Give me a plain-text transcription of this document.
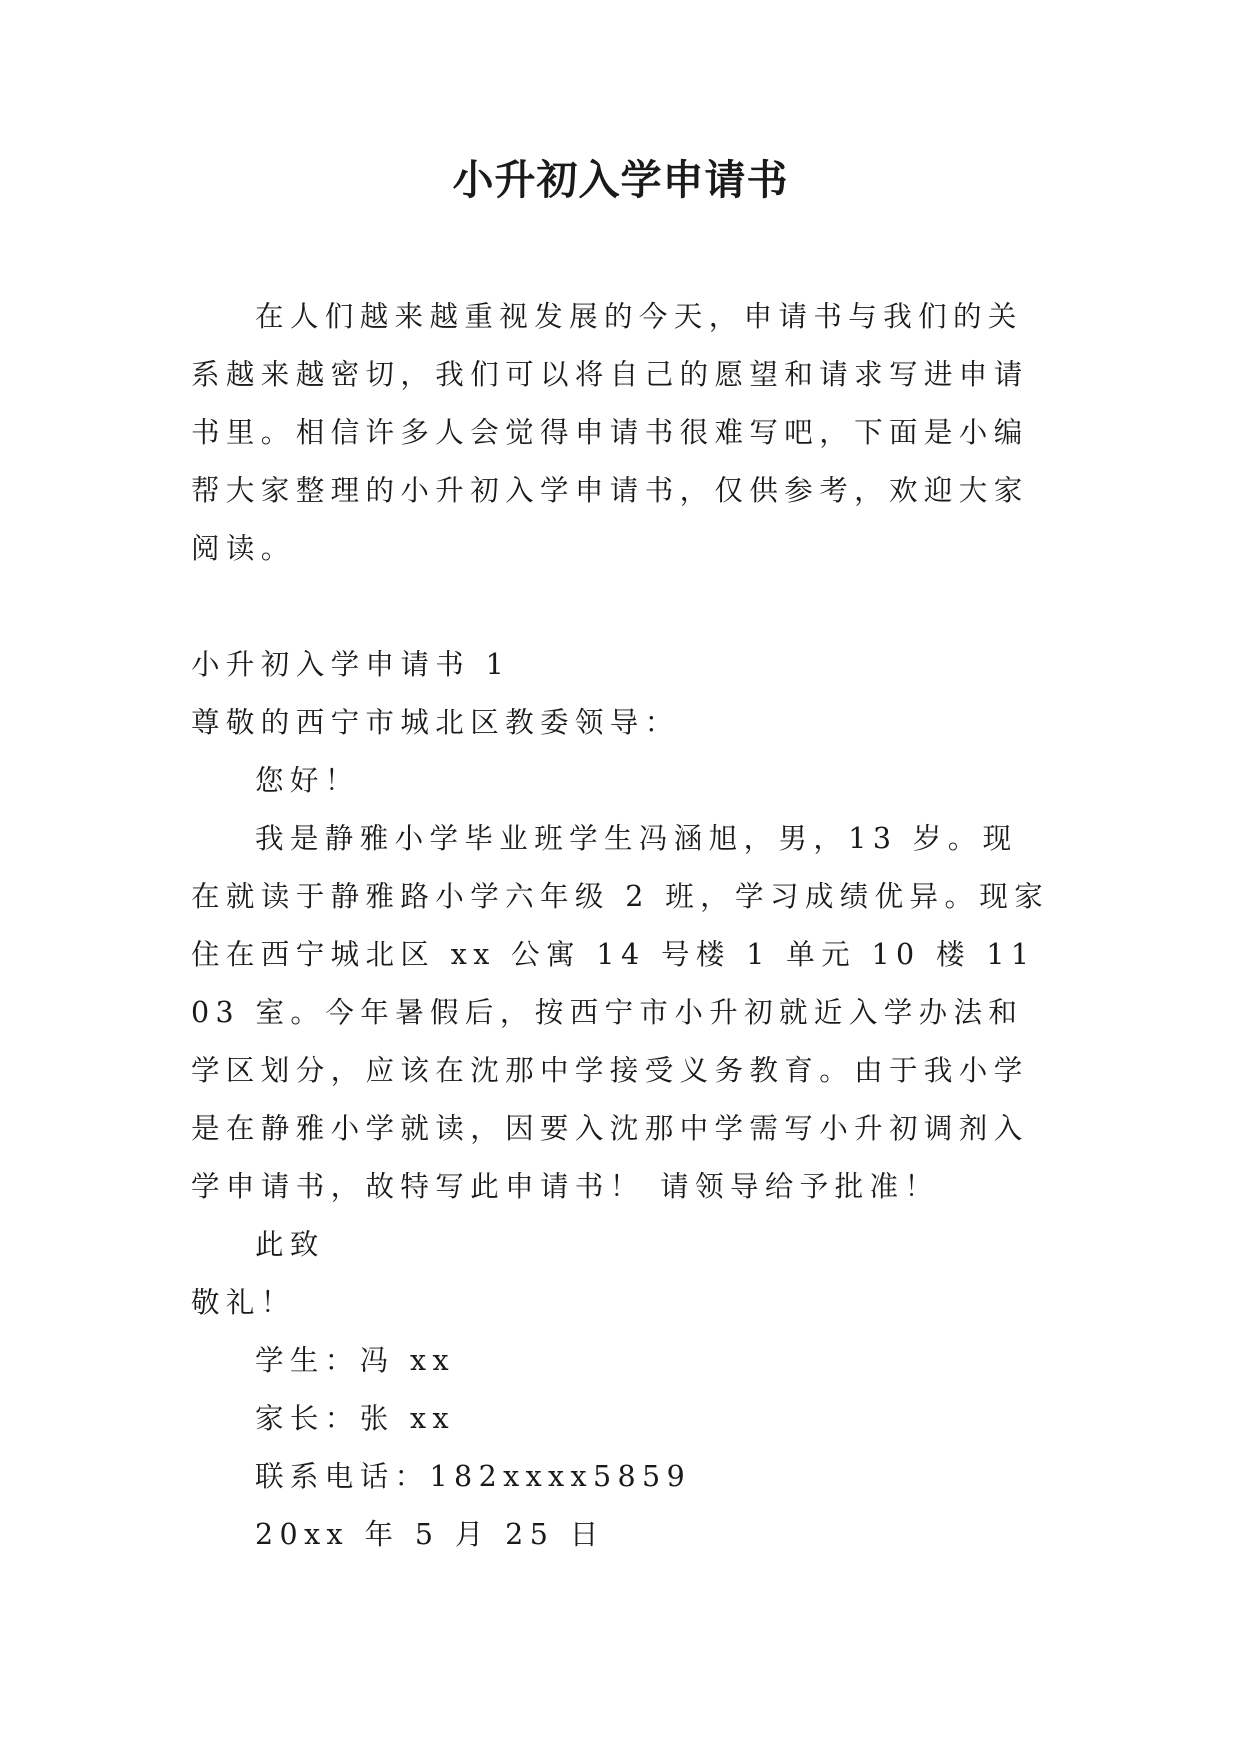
小升初入学申请书

在人们越来越重视发展的今天，申请书与我们的关系越来越密切，我们可以将自己的愿望和请求写进申请书里。相信许多人会觉得申请书很难写吧，下面是小编帮大家整理的小升初入学申请书，仅供参考，欢迎大家阅读。

小升初入学申请书 1

尊敬的西宁市城北区教委领导：

您好！

我是静雅小学毕业班学生冯涵旭，男，13 岁。现在就读于静雅路小学六年级 2 班，学习成绩优异。现家住在西宁城北区 xx 公寓 14 号楼 1 单元 10 楼 1103 室。今年暑假后，按西宁市小升初就近入学办法和学区划分，应该在沈那中学接受义务教育。由于我小学是在静雅小学就读，因要入沈那中学需写小升初调剂入学申请书，故特写此申请书！ 请领导给予批准！

此致

敬礼！

学生：冯 xx

家长：张 xx

联系电话：182xxxx5859

20xx 年 5 月 25 日
